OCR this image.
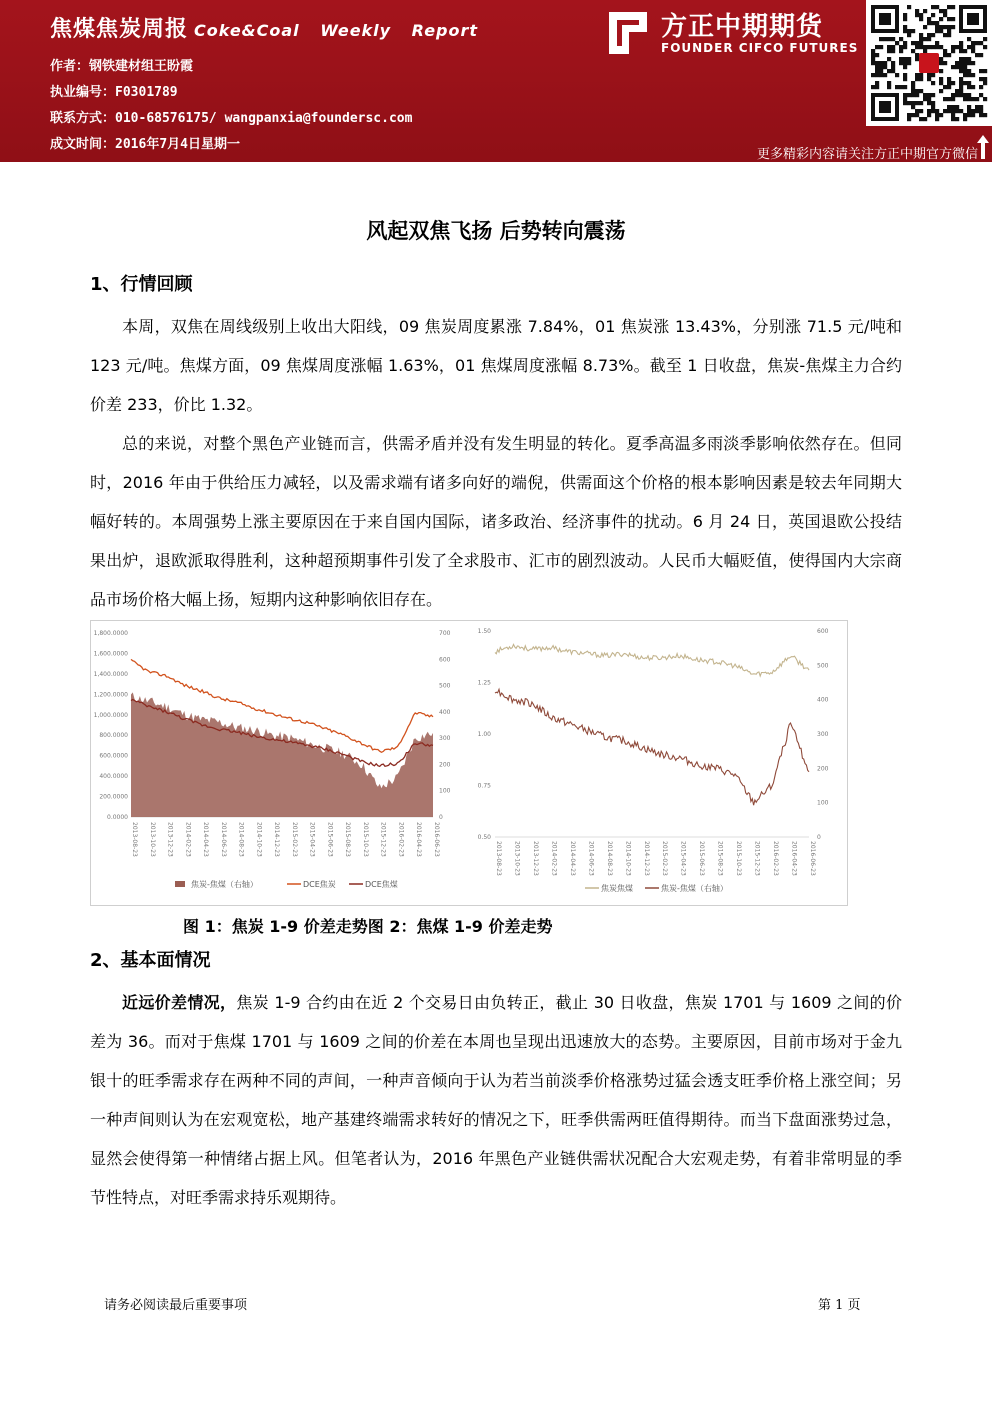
焦煤焦炭周报 Coke&Coal Weekly Report
作者：钢铁建材组王盼霞
执业编号：F0301789
联系方式：010-68576175/ wangpanxia@foundersc.com
成文时间：2016年7月4日星期一
方正中期期货
FOUNDER CIFCO FUTURES
更多精彩内容请关注方正中期官方微信
风起双焦飞扬 后势转向震荡
1、行情回顾

本周，双焦在周线级别上收出大阳线，09 焦炭周度累涨 7.84%，01 焦炭涨 13.43%，分别涨 71.5 元/吨和 123 元/吨。焦煤方面，09 焦煤周度涨幅 1.63%，01 焦煤周度涨幅 8.73%。截至 1 日收盘，焦炭-焦煤主力合约价差 233，价比 1.32。

总的来说，对整个黑色产业链而言，供需矛盾并没有发生明显的转化。夏季高温多雨淡季影响依然存在。但同时，2016 年由于供给压力减轻，以及需求端有诸多向好的端倪，供需面这个价格的根本影响因素是较去年同期大幅好转的。本周强势上涨主要原因在于来自国内国际，诸多政治、经济事件的扰动。6 月 24 日，英国退欧公投结果出炉，退欧派取得胜利，这种超预期事件引发了全求股市、汇市的剧烈波动。人民币大幅贬值，使得国内大宗商品市场价格大幅上扬，短期内这种影响依旧存在。

0.0000
200.0000
400.0000
600.0000
800.0000
1,000.0000
1,200.0000
1,400.0000
1,600.0000
1,800.0000
0
100
200
300
400
500
600
700
2013-08-23 2013-10-23 2013-12-23 2014-02-23 2014-04-23 2014-06-23 2014-08-23 2014-10-23 2014-12-23 2015-02-23 2015-04-23 2015-06-23 2015-08-23 2015-10-23 2015-12-23 2016-02-23 2016-04-23 2016-06-23
焦炭-焦煤（右轴）	DCE焦炭	DCE焦煤
0.50
0.75
1.00
1.25
1.50
0
100
200
300
400
500
600
2013-08-23 2013-10-23 2013-12-23 2014-02-23 2014-04-23 2014-06-23 2014-08-23 2014-10-23 2014-12-23 2015-02-23 2015-04-23 2015-06-23 2015-08-23 2015-10-23 2015-12-23 2016-02-23 2016-04-23 2016-06-23
焦炭焦煤	焦炭-焦煤（右轴）
图 1：焦炭 1-9 价差走势图 2：焦煤 1-9 价差走势
2、基本面情况

近远价差情况，焦炭 1-9 合约由在近 2 个交易日由负转正，截止 30 日收盘，焦炭 1701 与 1609 之间的价差为 36。而对于焦煤 1701 与 1609 之间的价差在本周也呈现出迅速放大的态势。主要原因，目前市场对于金九银十的旺季需求存在两种不同的声间，一种声音倾向于认为若当前淡季价格涨势过猛会透支旺季价格上涨空间；另一种声间则认为在宏观宽松，地产基建终端需求转好的情况之下，旺季供需两旺值得期待。而当下盘面涨势过急，显然会使得第一种情绪占据上风。但笔者认为，2016 年黑色产业链供需状况配合大宏观走势，有着非常明显的季节性特点，对旺季需求持乐观期待。

请务必阅读最后重要事项	第 1 页
